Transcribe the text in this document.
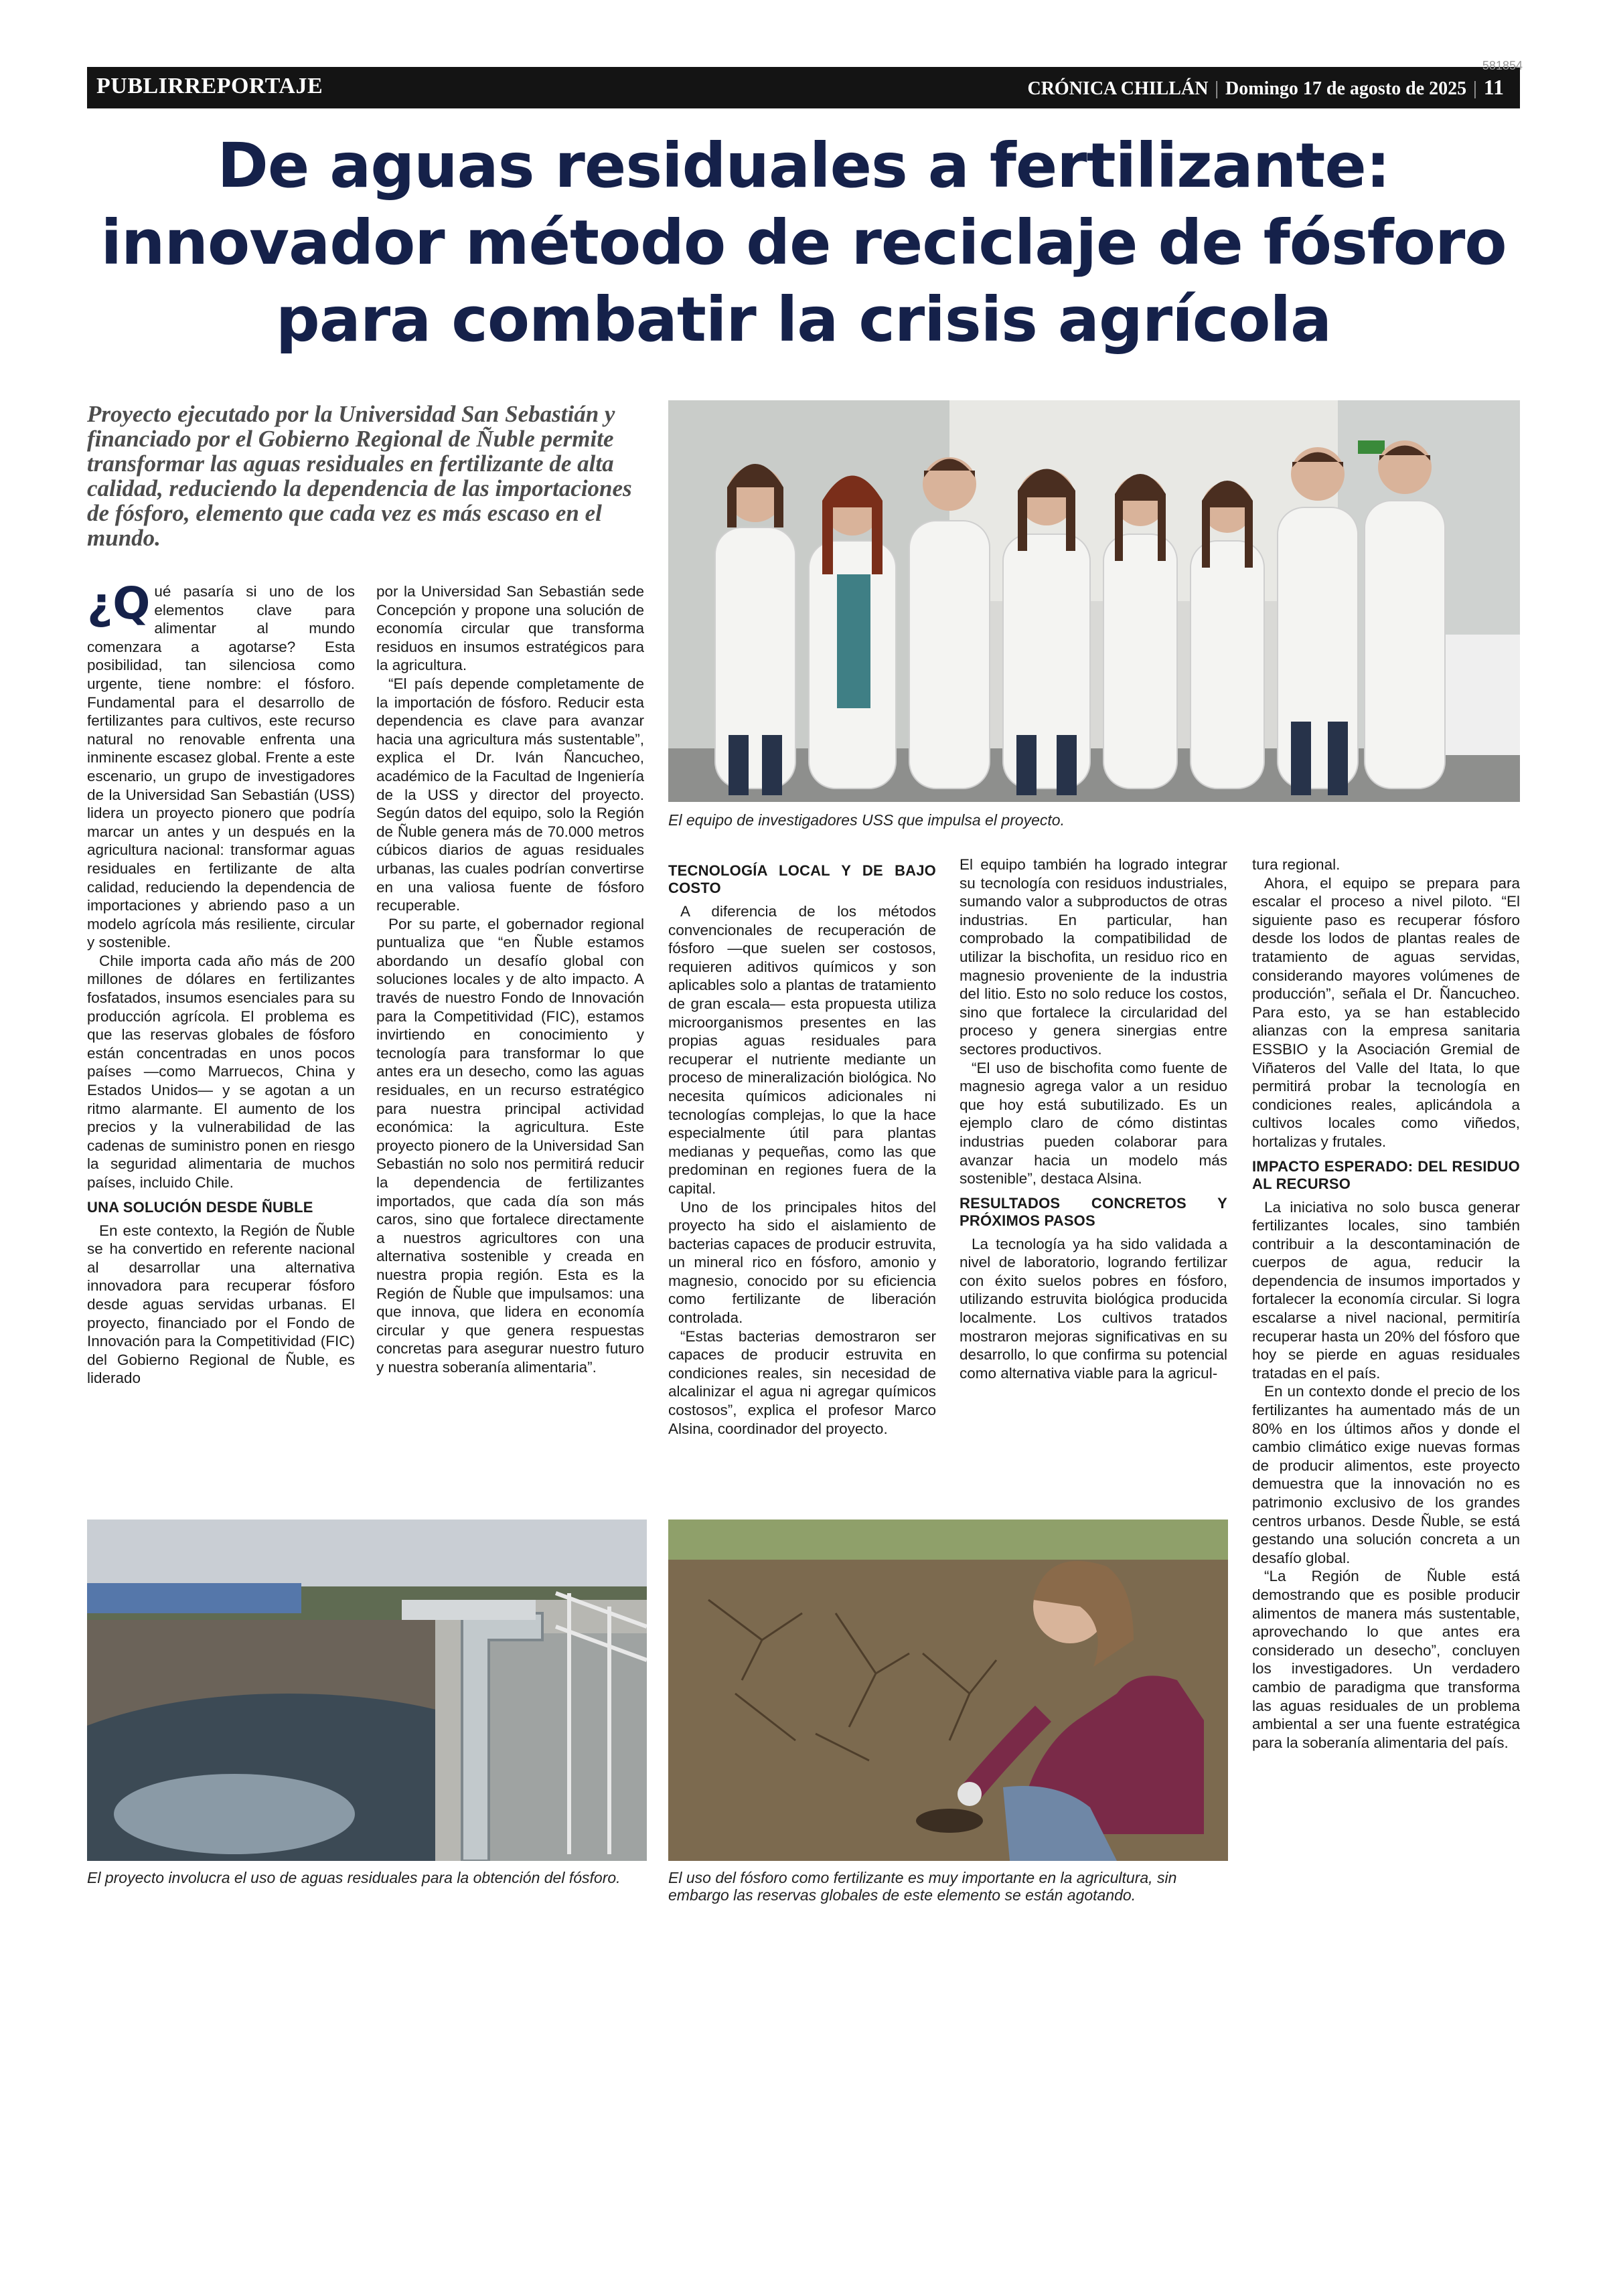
PUBLIRREPORTAJE	CRÓNICA CHILLÁN | Domingo 17 de agosto de 2025 | 11
581854
De aguas residuales a fertilizante:
innovador método de reciclaje de fósforo
para combatir la crisis agrícola
Proyecto ejecutado por la Universidad San Sebastián y financiado por el Gobierno Regional de Ñuble permite transformar las aguas residuales en fertilizante de alta calidad, reduciendo la dependencia de las importaciones de fósforo, elemento que cada vez es más escaso en el mundo.
El equipo de investigadores USS que impulsa el proyecto.

¿Q ué pasaría si uno de los elementos clave para alimentar al mundo comenzara a agotarse? Esta posibilidad, tan silenciosa como urgente, tiene nombre: el fósforo. Fundamental para el desarrollo de fertilizantes para cultivos, este recurso natural no renovable enfrenta una inminente escasez global. Frente a este escenario, un grupo de investigadores de la Universidad San Sebastián (USS) lidera un proyecto pionero que podría marcar un antes y un después en la agricultura nacional: transformar aguas residuales en fertilizante de alta calidad, reduciendo la dependencia de importaciones y abriendo paso a un modelo agrícola más resiliente, circular y sostenible.

Chile importa cada año más de 200 millones de dólares en fertilizantes fosfatados, insumos esenciales para su producción agrícola. El problema es que las reservas globales de fósforo están concentradas en unos pocos países —como Marruecos, China y Estados Unidos— y se agotan a un ritmo alarmante. El aumento de los precios y la vulnerabilidad de las cadenas de suministro ponen en riesgo la seguridad alimentaria de muchos países, incluido Chile.

UNA SOLUCIÓN DESDE ÑUBLE

En este contexto, la Región de Ñuble se ha convertido en referente nacional al desarrollar una alternativa innovadora para recuperar fósforo desde aguas servidas urbanas. El proyecto, financiado por el Fondo de Innovación para la Competitividad (FIC) del Gobierno Regional de Ñuble, es liderado

por la Universidad San Sebastián sede Concepción y propone una solución de economía circular que transforma residuos en insumos estratégicos para la agricultura.

“El país depende completamente de la importación de fósforo. Reducir esta dependencia es clave para avanzar hacia una agricultura más sustentable”, explica el Dr. Iván Ñancucheo, académico de la Facultad de Ingeniería de la USS y director del proyecto. Según datos del equipo, solo la Región de Ñuble genera más de 70.000 metros cúbicos diarios de aguas residuales urbanas, las cuales podrían convertirse en una valiosa fuente de fósforo recuperable.

Por su parte, el gobernador regional puntualiza que “en Ñuble estamos abordando un desafío global con soluciones locales y de alto impacto. A través de nuestro Fondo de Innovación para la Competitividad (FIC), estamos invirtiendo en conocimiento y tecnología para transformar lo que antes era un desecho, como las aguas residuales, en un recurso estratégico para nuestra principal actividad económica: la agricultura. Este proyecto pionero de la Universidad San Sebastián no solo nos permitirá reducir la dependencia de fertilizantes importados, que cada día son más caros, sino que fortalece directamente a nuestros agricultores con una alternativa sostenible y creada en nuestra propia región. Esta es la Región de Ñuble que impulsamos: una que innova, que lidera en economía circular y que genera respuestas concretas para asegurar nuestro futuro y nuestra soberanía alimentaria”.

TECNOLOGÍA LOCAL Y DE BAJO COSTO

A diferencia de los métodos convencionales de recuperación de fósforo —que suelen ser costosos, requieren aditivos químicos y son aplicables solo a plantas de tratamiento de gran escala— esta propuesta utiliza microorganismos presentes en las propias aguas residuales para recuperar el nutriente mediante un proceso de mineralización biológica. No necesita químicos adicionales ni tecnologías complejas, lo que la hace especialmente útil para plantas medianas y pequeñas, como las que predominan en regiones fuera de la capital.

Uno de los principales hitos del proyecto ha sido el aislamiento de bacterias capaces de producir estruvita, un mineral rico en fósforo, amonio y magnesio, conocido por su eficiencia como fertilizante de liberación controlada.

“Estas bacterias demostraron ser capaces de producir estruvita en condiciones reales, sin necesidad de alcalinizar el agua ni agregar químicos costosos”, explica el profesor Marco Alsina, coordinador del proyecto.

El equipo también ha logrado integrar su tecnología con residuos industriales, sumando valor a subproductos de otras industrias. En particular, han comprobado la compatibilidad de utilizar la bischofita, un residuo rico en magnesio proveniente de la industria del litio. Esto no solo reduce los costos, sino que fortalece la circularidad del proceso y genera sinergias entre sectores productivos.

“El uso de bischofita como fuente de magnesio agrega valor a un residuo que hoy está subutilizado. Es un ejemplo claro de cómo distintas industrias pueden colaborar para avanzar hacia un modelo más sostenible”, destaca Alsina.

RESULTADOS CONCRETOS Y PRÓXIMOS PASOS

La tecnología ya ha sido validada a nivel de laboratorio, logrando fertilizar con éxito suelos pobres en fósforo, utilizando estruvita biológica producida localmente. Los cultivos tratados mostraron mejoras significativas en su desarrollo, lo que confirma su potencial como alternativa viable para la agricul-

tura regional.

Ahora, el equipo se prepara para escalar el proceso a nivel piloto. “El siguiente paso es recuperar fósforo desde los lodos de plantas reales de tratamiento de aguas servidas, considerando mayores volúmenes de producción”, señala el Dr. Ñancucheo. Para esto, ya se han establecido alianzas con la empresa sanitaria ESSBIO y la Asociación Gremial de Viñateros del Valle del Itata, lo que permitirá probar la tecnología en condiciones reales, aplicándola a cultivos locales como viñedos, hortalizas y frutales.

IMPACTO ESPERADO: DEL RESIDUO AL RECURSO

La iniciativa no solo busca generar fertilizantes locales, sino también contribuir a la descontaminación de cuerpos de agua, reducir la dependencia de insumos importados y fortalecer la economía circular. Si logra escalarse a nivel nacional, permitiría recuperar hasta un 20% del fósforo que hoy se pierde en aguas residuales tratadas en el país.

En un contexto donde el precio de los fertilizantes ha aumentado más de un 80% en los últimos años y donde el cambio climático exige nuevas formas de producir alimentos, este proyecto demuestra que la innovación no es patrimonio exclusivo de los grandes centros urbanos. Desde Ñuble, se está gestando una solución concreta a un desafío global.

“La Región de Ñuble está demostrando que es posible producir alimentos de manera más sustentable, aprovechando lo que antes era considerado un desecho”, concluyen los investigadores. Un verdadero cambio de paradigma que transforma las aguas residuales de un problema ambiental a ser una fuente estratégica para la soberanía alimentaria del país.

El proyecto involucra el uso de aguas residuales para la obtención del fósforo.	El uso del fósforo como fertilizante es muy importante en la agricultura, sin embargo las reservas globales de este elemento se están agotando.
